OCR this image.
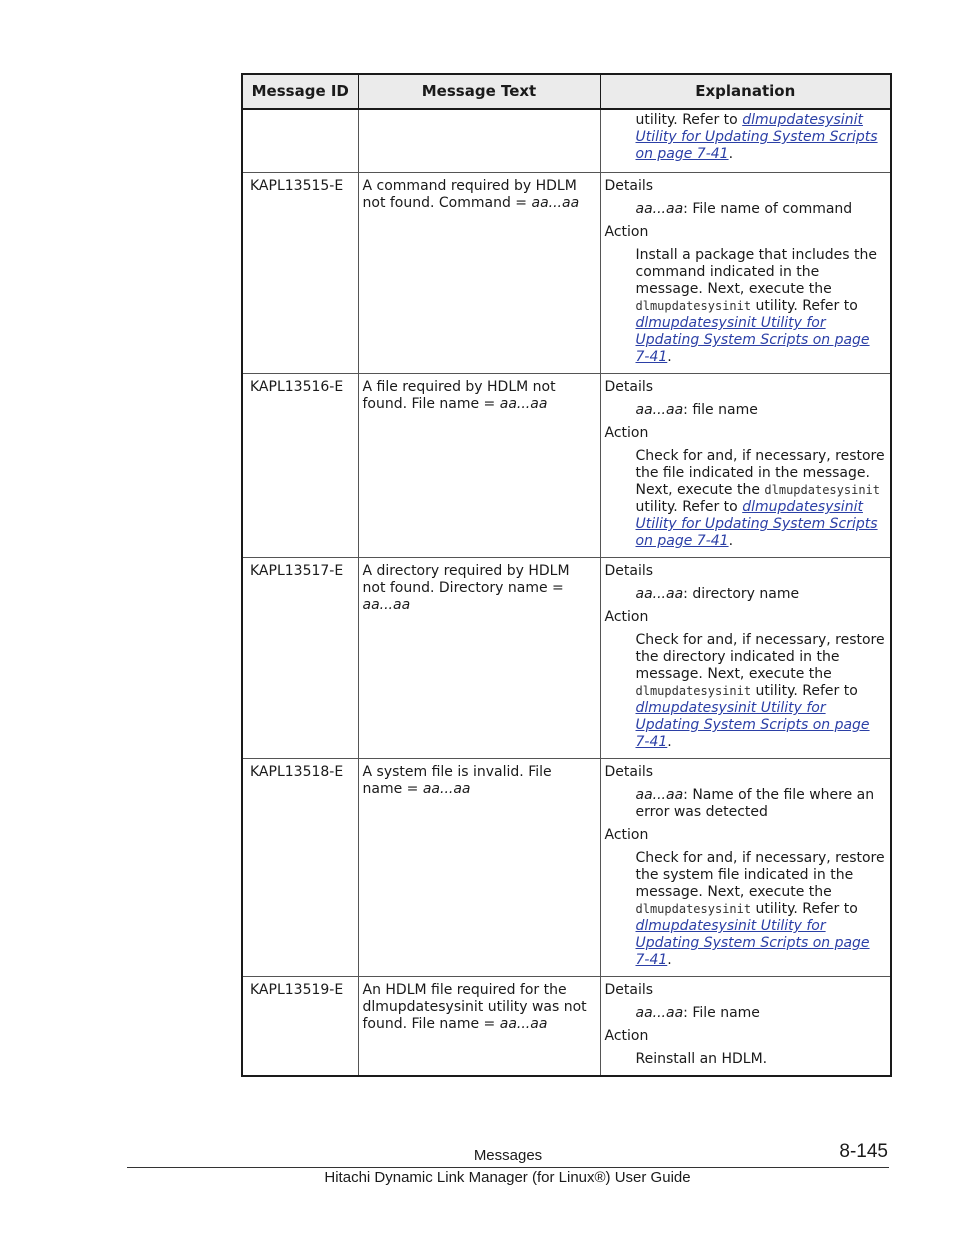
Message ID	Message Text	Explanation

		utility. Refer to dlmupdatesysinit Utility for Updating System Scripts on page 7-41.

KAPL13515-E	A command required by HDLM not found. Command = aa...aa	Details

aa...aa: File name of command

Action

Install a package that includes the command indicated in the message. Next, execute the dlmupdatesysinit utility. Refer to dlmupdatesysinit Utility for Updating System Scripts on page 7-41.

KAPL13516-E	A file required by HDLM not found. File name = aa...aa	Details

aa...aa: file name

Action

Check for and, if necessary, restore the file indicated in the message. Next, execute the dlmupdatesysinit utility. Refer to dlmupdatesysinit Utility for Updating System Scripts on page 7-41.

KAPL13517-E	A directory required by HDLM not found. Directory name = aa...aa	Details

aa...aa: directory name

Action

Check for and, if necessary, restore the directory indicated in the message. Next, execute the dlmupdatesysinit utility. Refer to dlmupdatesysinit Utility for Updating System Scripts on page 7-41.

KAPL13518-E	A system file is invalid. File name = aa...aa	Details

aa...aa: Name of the file where an error was detected

Action

Check for and, if necessary, restore the system file indicated in the message. Next, execute the dlmupdatesysinit utility. Refer to dlmupdatesysinit Utility for Updating System Scripts on page 7-41.

KAPL13519-E	An HDLM file required for the dlmupdatesysinit utility was not found. File name = aa...aa	Details

aa...aa: File name

Action

Reinstall an HDLM.

Messages	8-145
Hitachi Dynamic Link Manager (for Linux®) User Guide
